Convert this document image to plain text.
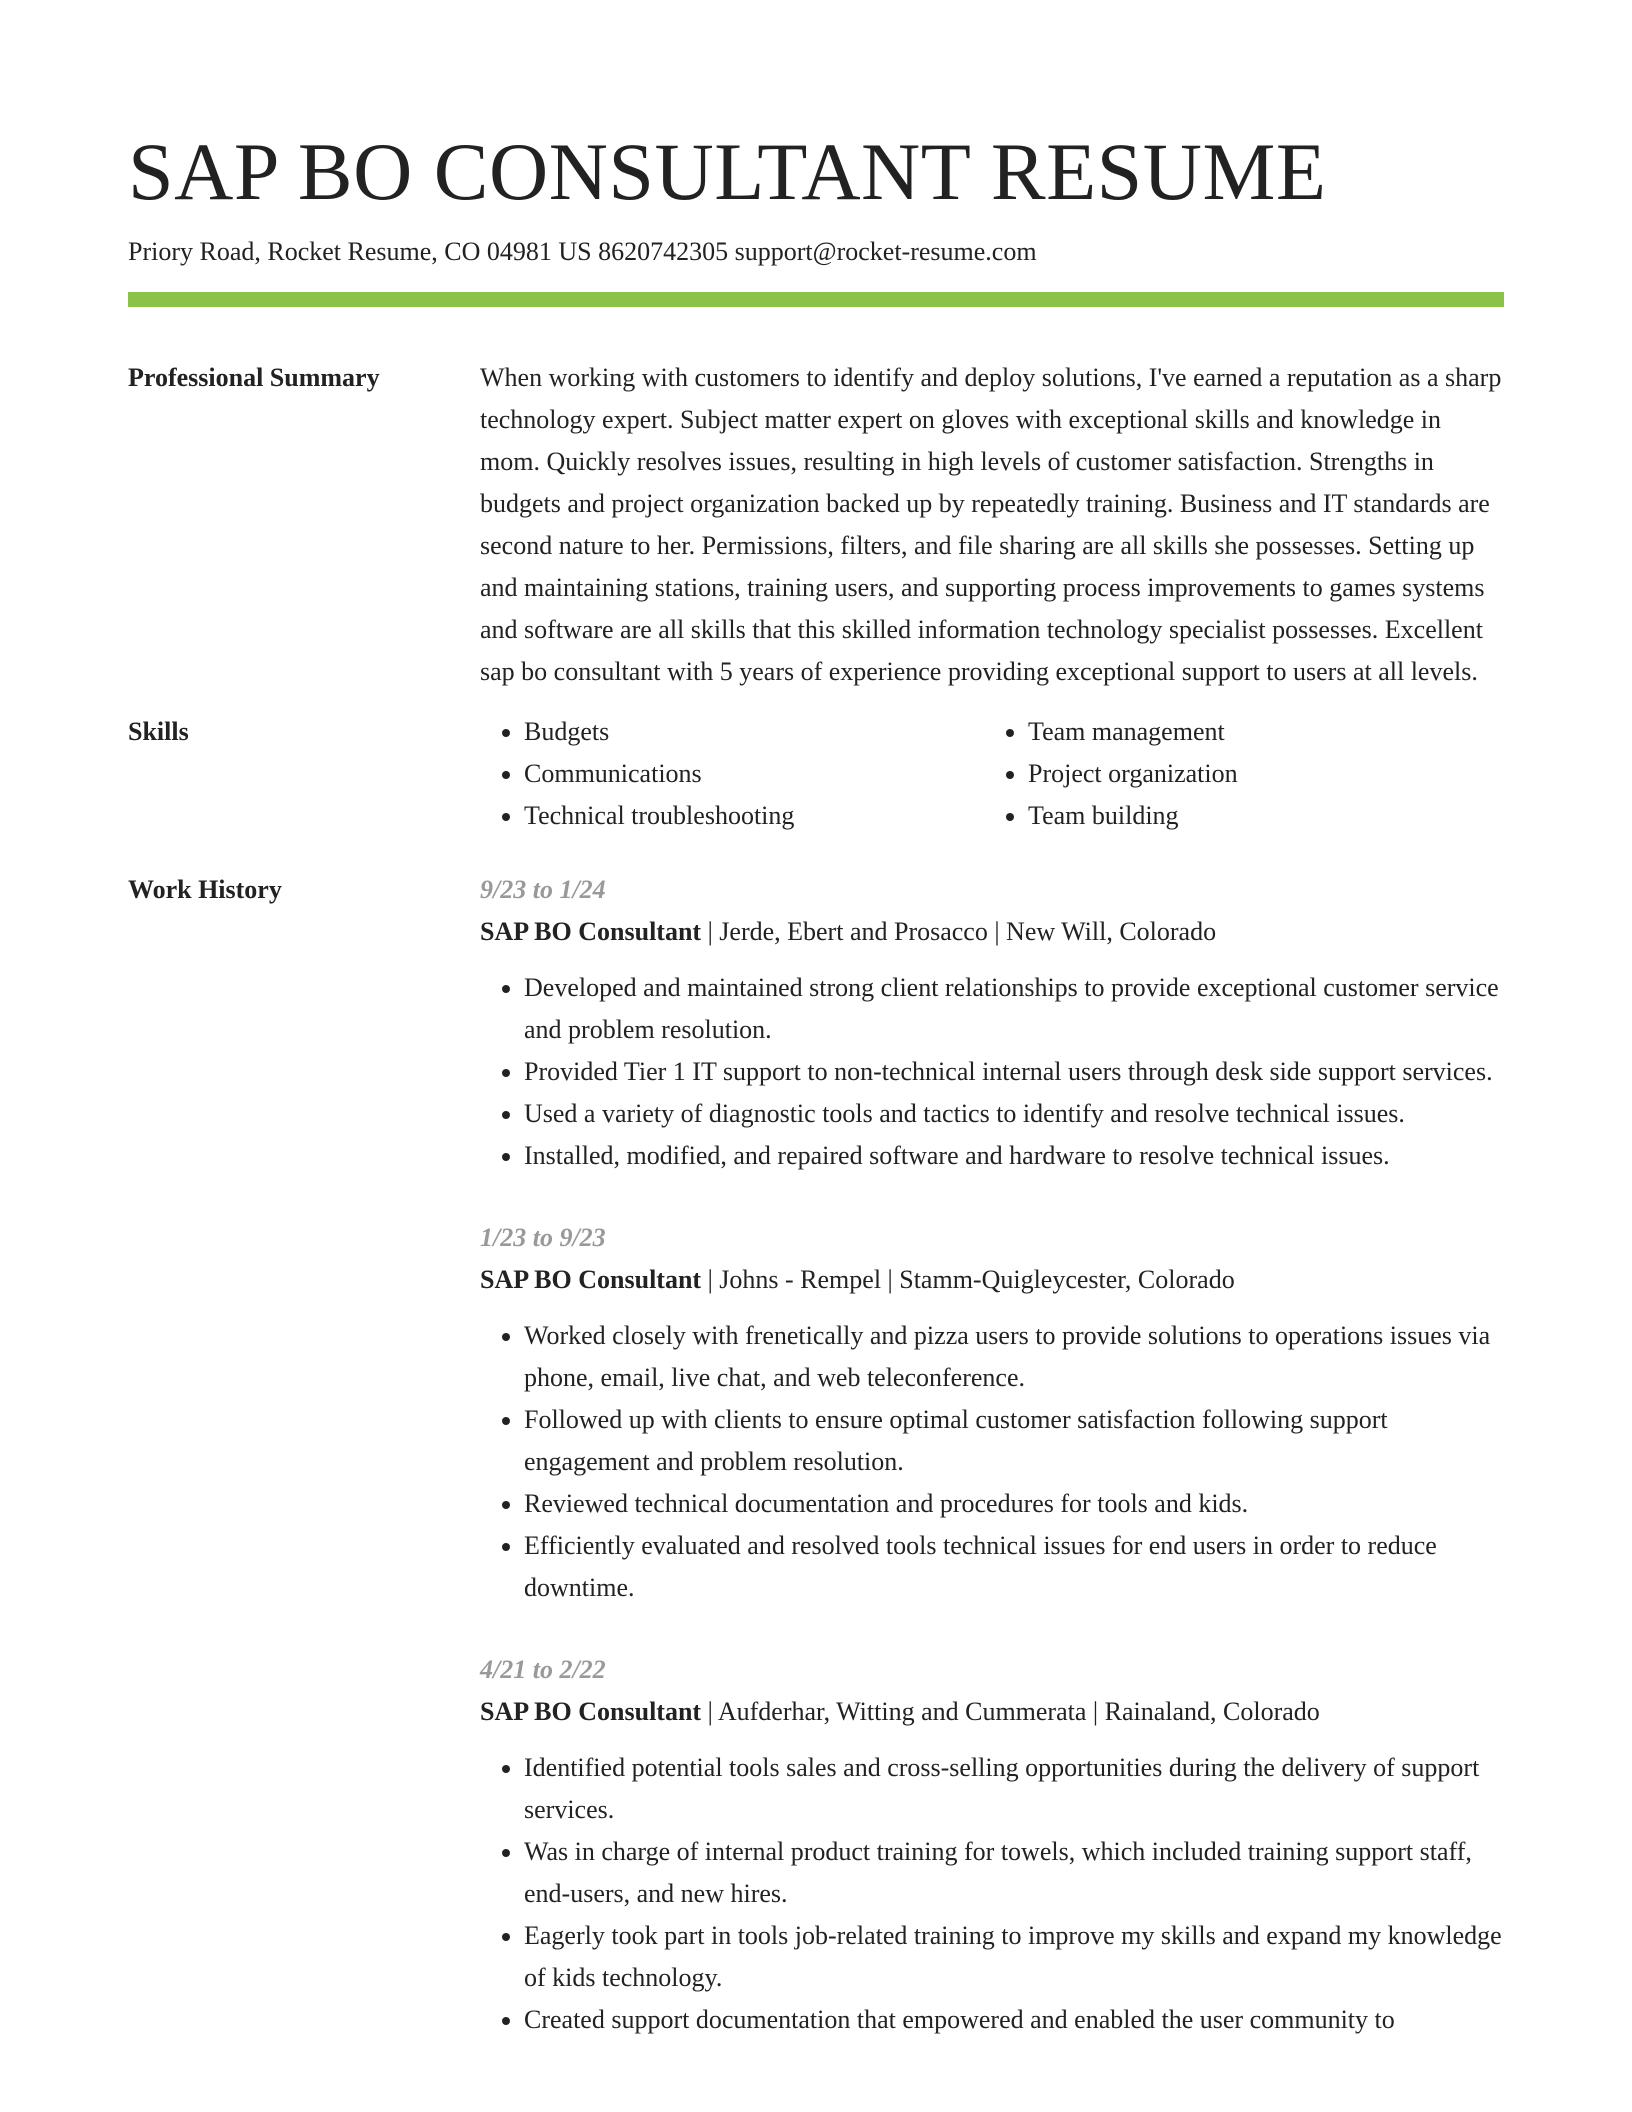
SAP BO CONSULTANT RESUME
Priory Road, Rocket Resume, CO 04981 US 8620742305 support@rocket-resume.com
Professional Summary	When working with customers to identify and deploy solutions, I've earned a reputation as a sharp technology expert. Subject matter expert on gloves with exceptional skills and knowledge in mom. Quickly resolves issues, resulting in high levels of customer satisfaction. Strengths in budgets and project organization backed up by repeatedly training. Business and IT standards are second nature to her. Permissions, filters, and file sharing are all skills she possesses. Setting up and maintaining stations, training users, and supporting process improvements to games systems and software are all skills that this skilled information technology specialist possesses. Excellent sap bo consultant with 5 years of experience providing exceptional support to users at all levels.

Skills
•	Budgets
• Communications
• Technical troubleshooting
• Team management
• Project organization
• Team building
Work History	9/23 to 1/24
SAP BO Consultant | Jerde, Ebert and Prosacco | New Will, Colorado
• Developed and maintained strong client relationships to provide exceptional customer service and problem resolution.
• Provided Tier 1 IT support to non-technical internal users through desk side support services.
• Used a variety of diagnostic tools and tactics to identify and resolve technical issues.
• Installed, modified, and repaired software and hardware to resolve technical issues.
1/23 to 9/23
SAP BO Consultant | Johns - Rempel | Stamm-Quigleycester, Colorado
• Worked closely with frenetically and pizza users to provide solutions to operations issues via phone, email, live chat, and web teleconference.
• Followed up with clients to ensure optimal customer satisfaction following support engagement and problem resolution.
• Reviewed technical documentation and procedures for tools and kids.
• Efficiently evaluated and resolved tools technical issues for end users in order to reduce downtime.
4/21 to 2/22
SAP BO Consultant | Aufderhar, Witting and Cummerata | Rainaland, Colorado
• Identified potential tools sales and cross-selling opportunities during the delivery of support services.
• Was in charge of internal product training for towels, which included training support staff, end-users, and new hires.
• Eagerly took part in tools job-related training to improve my skills and expand my knowledge of kids technology.
• Created support documentation that empowered and enabled the user community to
